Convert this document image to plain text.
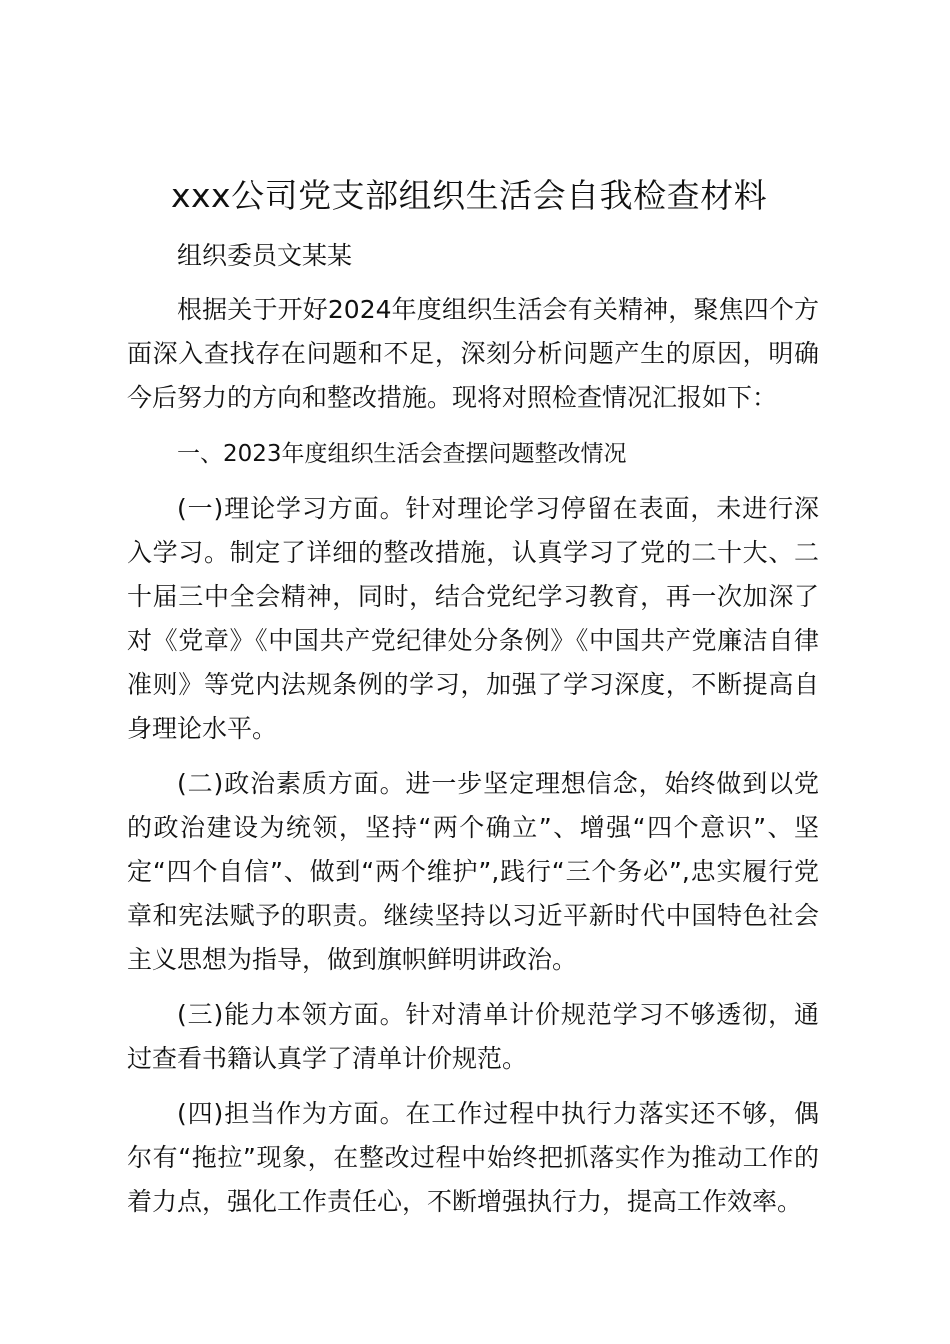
xxx公司党支部组织生活会自我检查材料
组织委员文某某

根据关于开好2024年度组织生活会有关精神，聚焦四个方面深入查找存在问题和不足，深刻分析问题产生的原因，明确今后努力的方向和整改措施。现将对照检查情况汇报如下：

一、2023年度组织生活会查摆问题整改情况

(一)理论学习方面。针对理论学习停留在表面，未进行深入学习。制定了详细的整改措施，认真学习了党的二十大、二十届三中全会精神，同时，结合党纪学习教育，再一次加深了对《党章》《中国共产党纪律处分条例》《中国共产党廉洁自律准则》等党内法规条例的学习，加强了学习深度，不断提高自身理论水平。

(二)政治素质方面。进一步坚定理想信念，始终做到以党的政治建设为统领，坚持“两个确立”、增强“四个意识”、坚定“四个自信”、做到“两个维护”,践行“三个务必”,忠实履行党章和宪法赋予的职责。继续坚持以习近平新时代中国特色社会主义思想为指导，做到旗帜鲜明讲政治。

(三)能力本领方面。针对清单计价规范学习不够透彻，通过查看书籍认真学了清单计价规范。

(四)担当作为方面。在工作过程中执行力落实还不够，偶尔有“拖拉”现象，在整改过程中始终把抓落实作为推动工作的着力点，强化工作责任心，不断增强执行力，提高工作效率。
